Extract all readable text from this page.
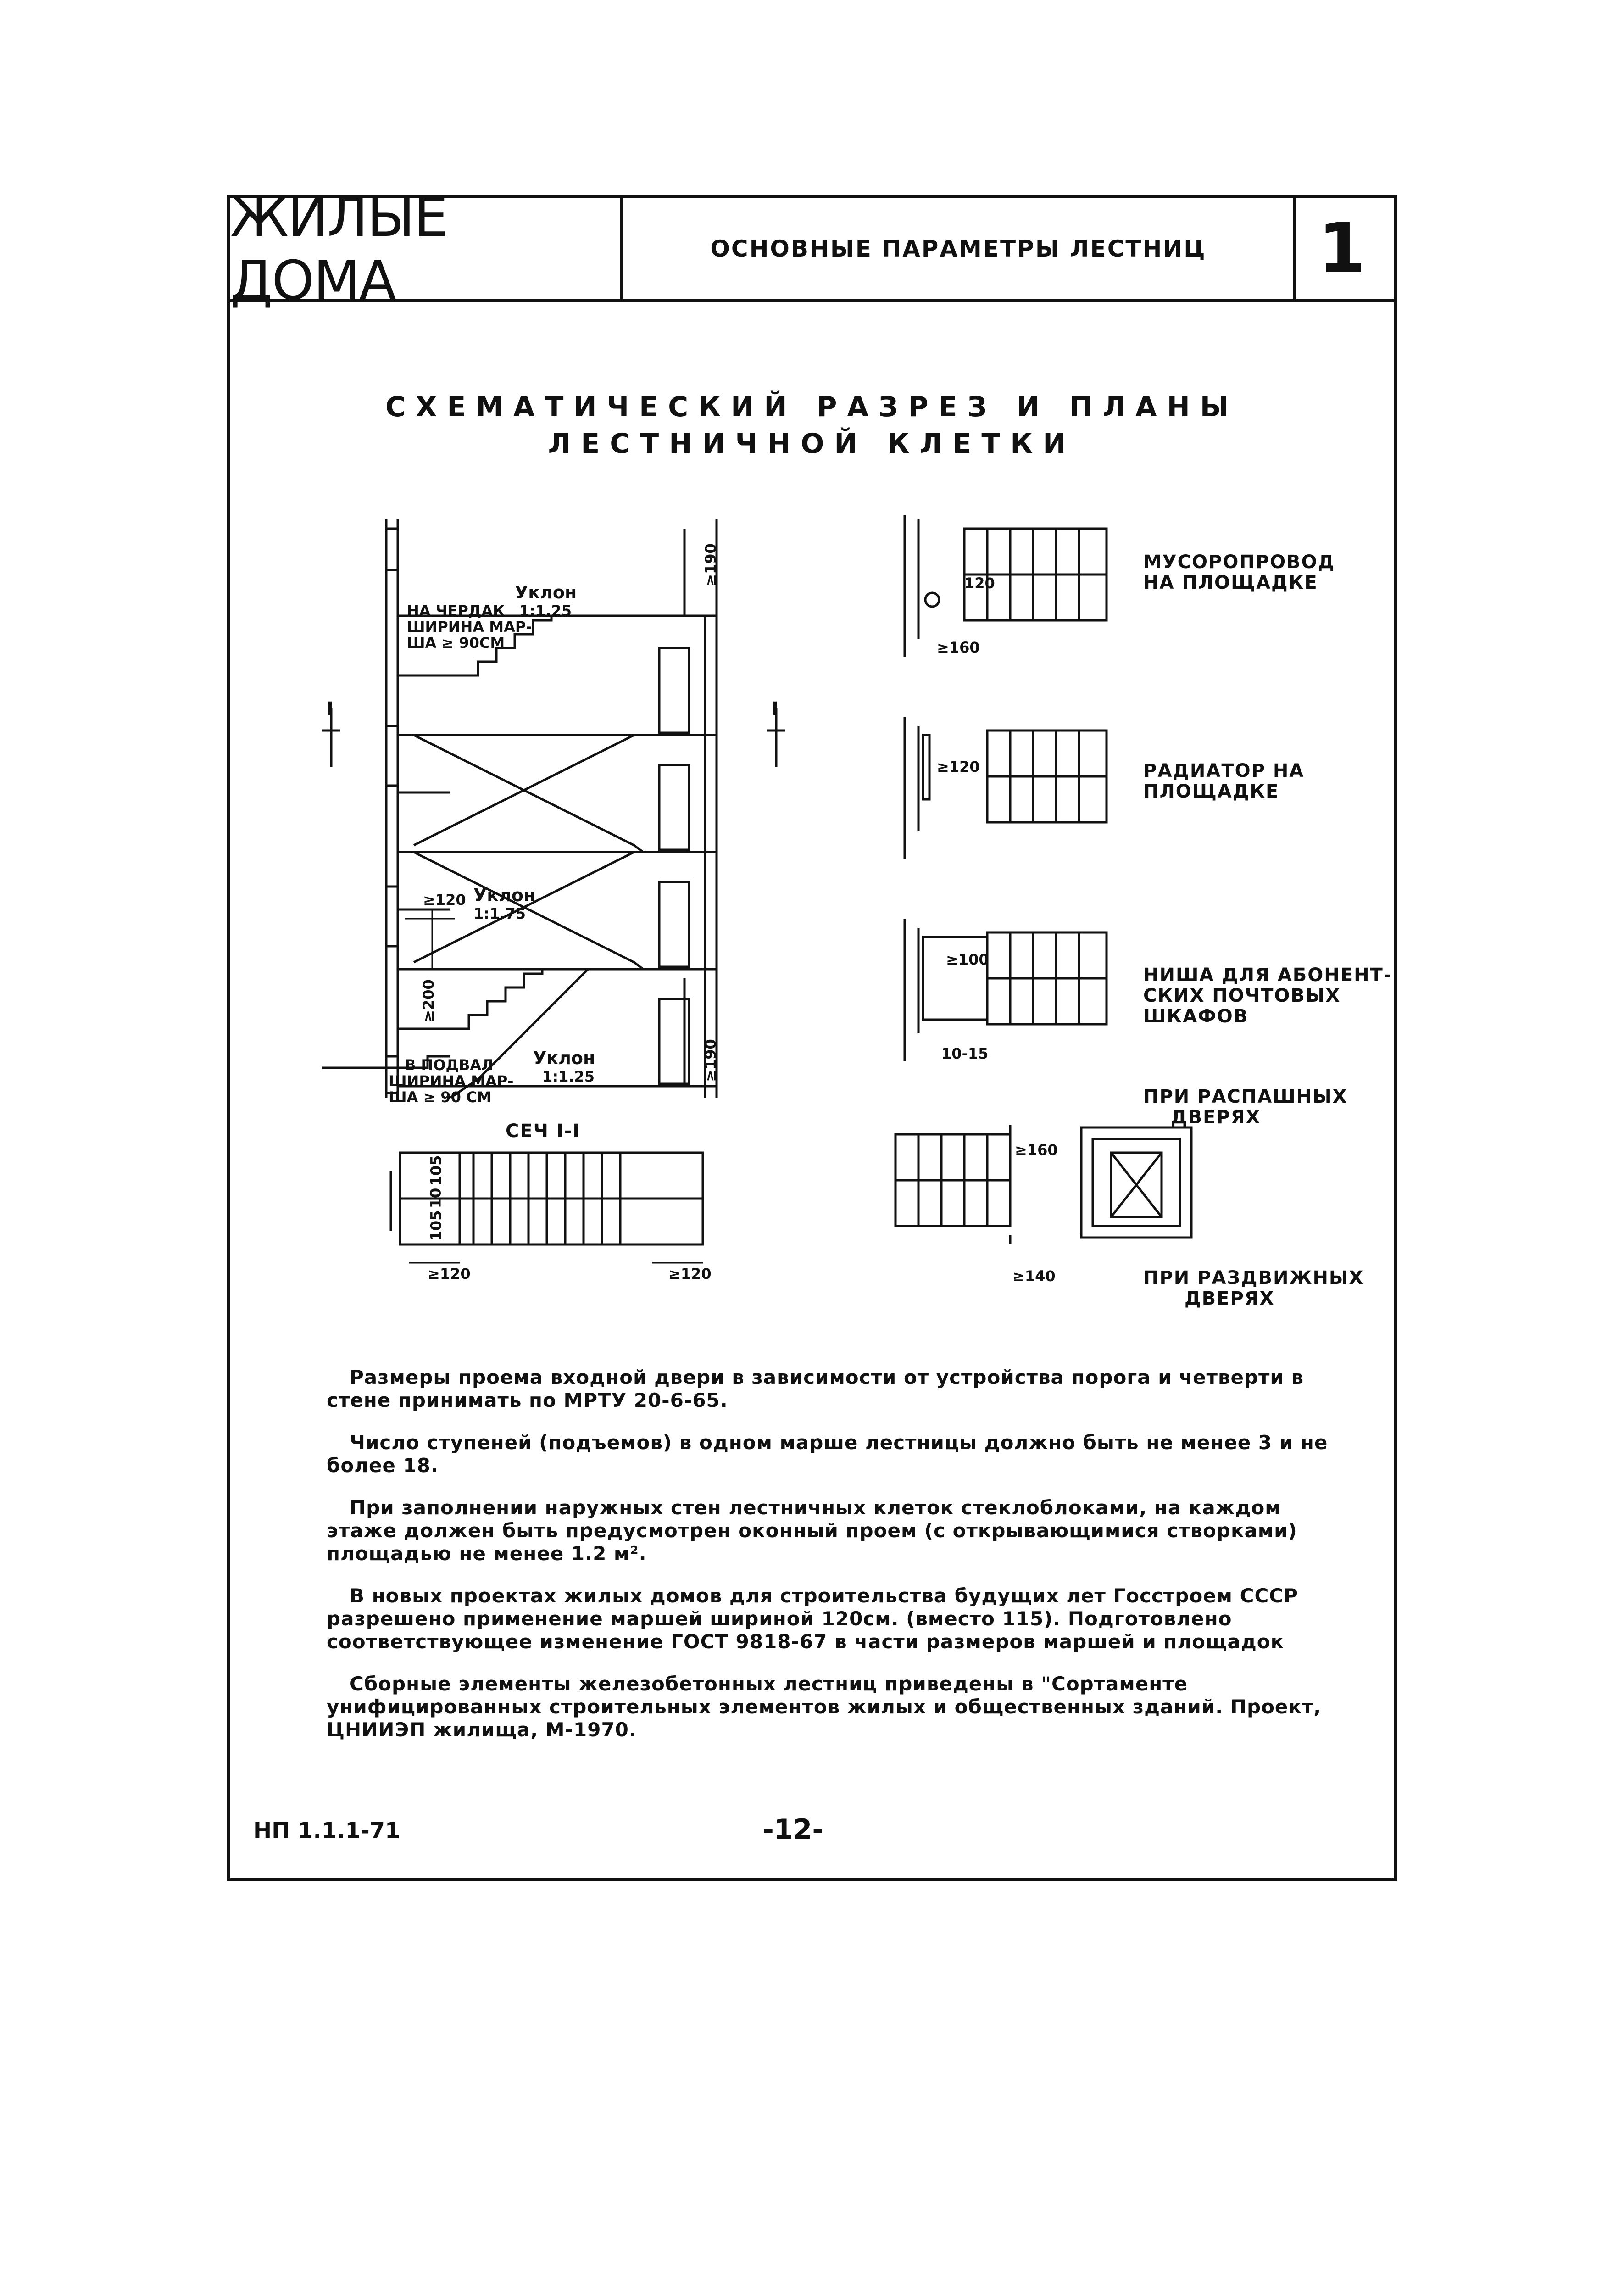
ЖИЛЫЕ ДОМА	ОСНОВНЫЕ ПАРАМЕТРЫ ЛЕСТНИЦ	1
СХЕМАТИЧЕСКИЙ РАЗРЕЗ И ПЛАНЫ
ЛЕСТНИЧНОЙ КЛЕТКИ
НА ЧЕРДАК
ШИРИНА МАР-
ША ≥ 90СМ
Уклон
1:1.25
≥190
≥120 Уклон
1:1.75
≥200
В ПОДВАЛ
ШИРИНА МАР-
ША ≥ 90 СМ
Уклон
1:1.25	≥190
I	I
СЕЧ I-I
105
10
105
≥120	≥120
МУСОРОПРОВОД
НА ПЛОЩАДКЕ
120
≥160
РАДИАТОР НА
ПЛОЩАДКЕ
≥120
НИША ДЛЯ АБОНЕНТ-
СКИХ ПОЧТОВЫХ
ШКАФОВ
≥100
10-15
ПРИ РАСПАШНЫХ
ДВЕРЯХ
ПРИ РАЗДВИЖНЫХ
ДВЕРЯХ
≥160
≥140

Размеры проема входной двери в зависимости от устройства порога и четверти в стене принимать по МРТУ 20-6-65.

Число ступеней (подъемов) в одном марше лестницы должно быть не менее 3 и не более 18.

При заполнении наружных стен лестничных клеток стеклоблоками, на каждом этаже должен быть предусмотрен оконный проем (с открывающимися створками) площадью не менее 1.2 м².

В новых проектах жилых домов для строительства будущих лет Госстроем СССР разрешено применение маршей шириной 120см. (вместо 115). Подготовлено соответствующее изменение ГОСТ 9818-67 в части размеров маршей и площадок

Сборные элементы железобетонных лестниц приведены в "Сортаменте унифицированных строительных элементов жилых и общественных зданий. Проект, ЦНИИЭП жилища, М-1970.

НП 1.1.1-71	-12-
